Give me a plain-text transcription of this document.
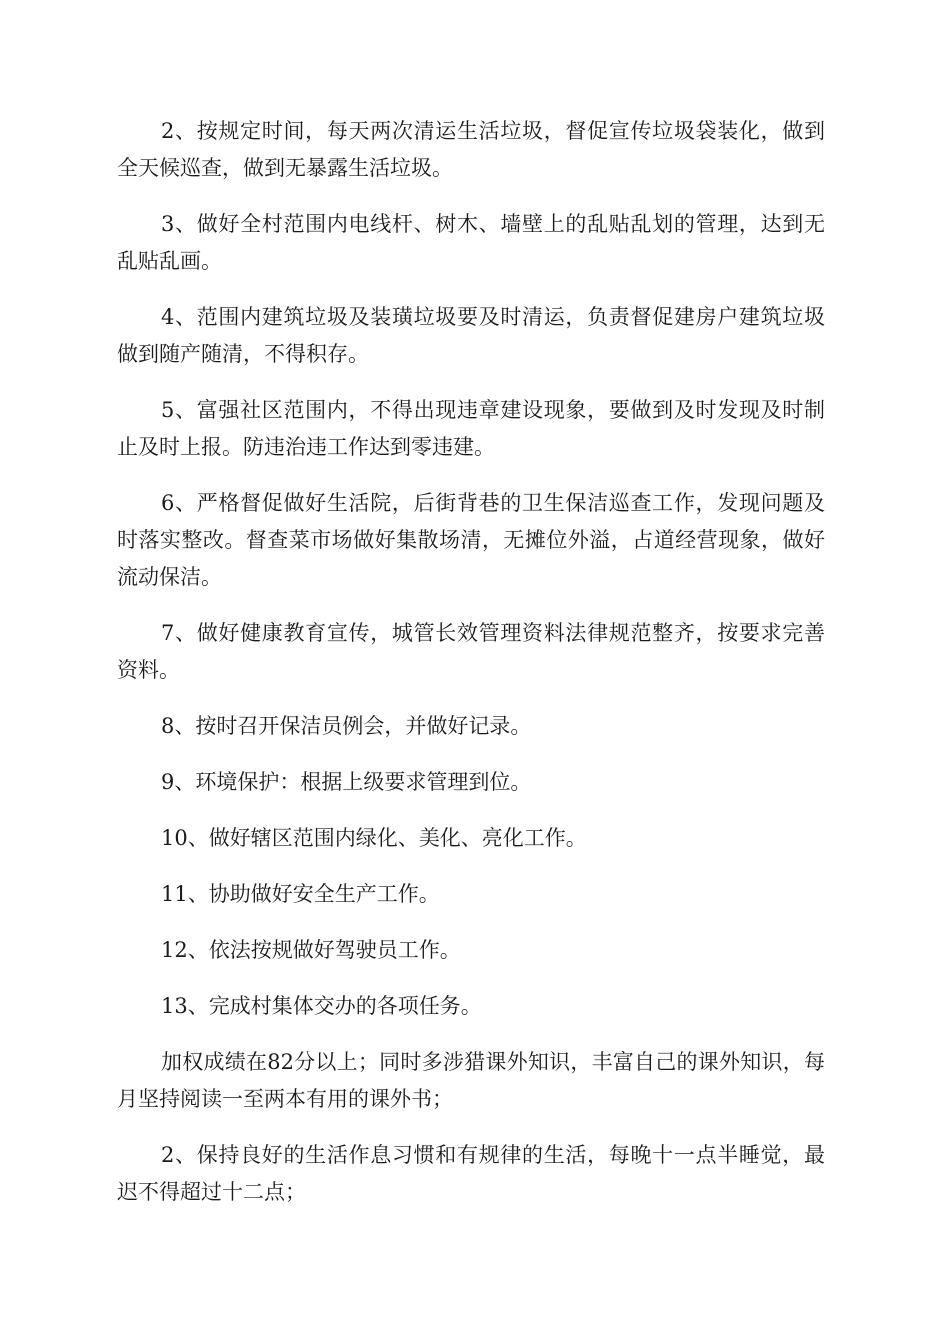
2、按规定时间，每天两次清运生活垃圾，督促宣传垃圾袋装化，做到全天候巡查，做到无暴露生活垃圾。

3、做好全村范围内电线杆、树木、墙壁上的乱贴乱划的管理，达到无乱贴乱画。

4、范围内建筑垃圾及装璜垃圾要及时清运，负责督促建房户建筑垃圾做到随产随清，不得积存。

5、富强社区范围内，不得出现违章建设现象，要做到及时发现及时制止及时上报。防违治违工作达到零违建。

6、严格督促做好生活院，后街背巷的卫生保洁巡查工作，发现问题及时落实整改。督查菜市场做好集散场清，无摊位外溢，占道经营现象，做好流动保洁。

7、做好健康教育宣传，城管长效管理资料法律规范整齐，按要求完善资料。

8、按时召开保洁员例会，并做好记录。

9、环境保护：根据上级要求管理到位。

10、做好辖区范围内绿化、美化、亮化工作。

11、协助做好安全生产工作。

12、依法按规做好驾驶员工作。

13、完成村集体交办的各项任务。

加权成绩在82分以上；同时多涉猎课外知识，丰富自己的课外知识，每月坚持阅读一至两本有用的课外书；

2、保持良好的生活作息习惯和有规律的生活，每晚十一点半睡觉，最迟不得超过十二点；
